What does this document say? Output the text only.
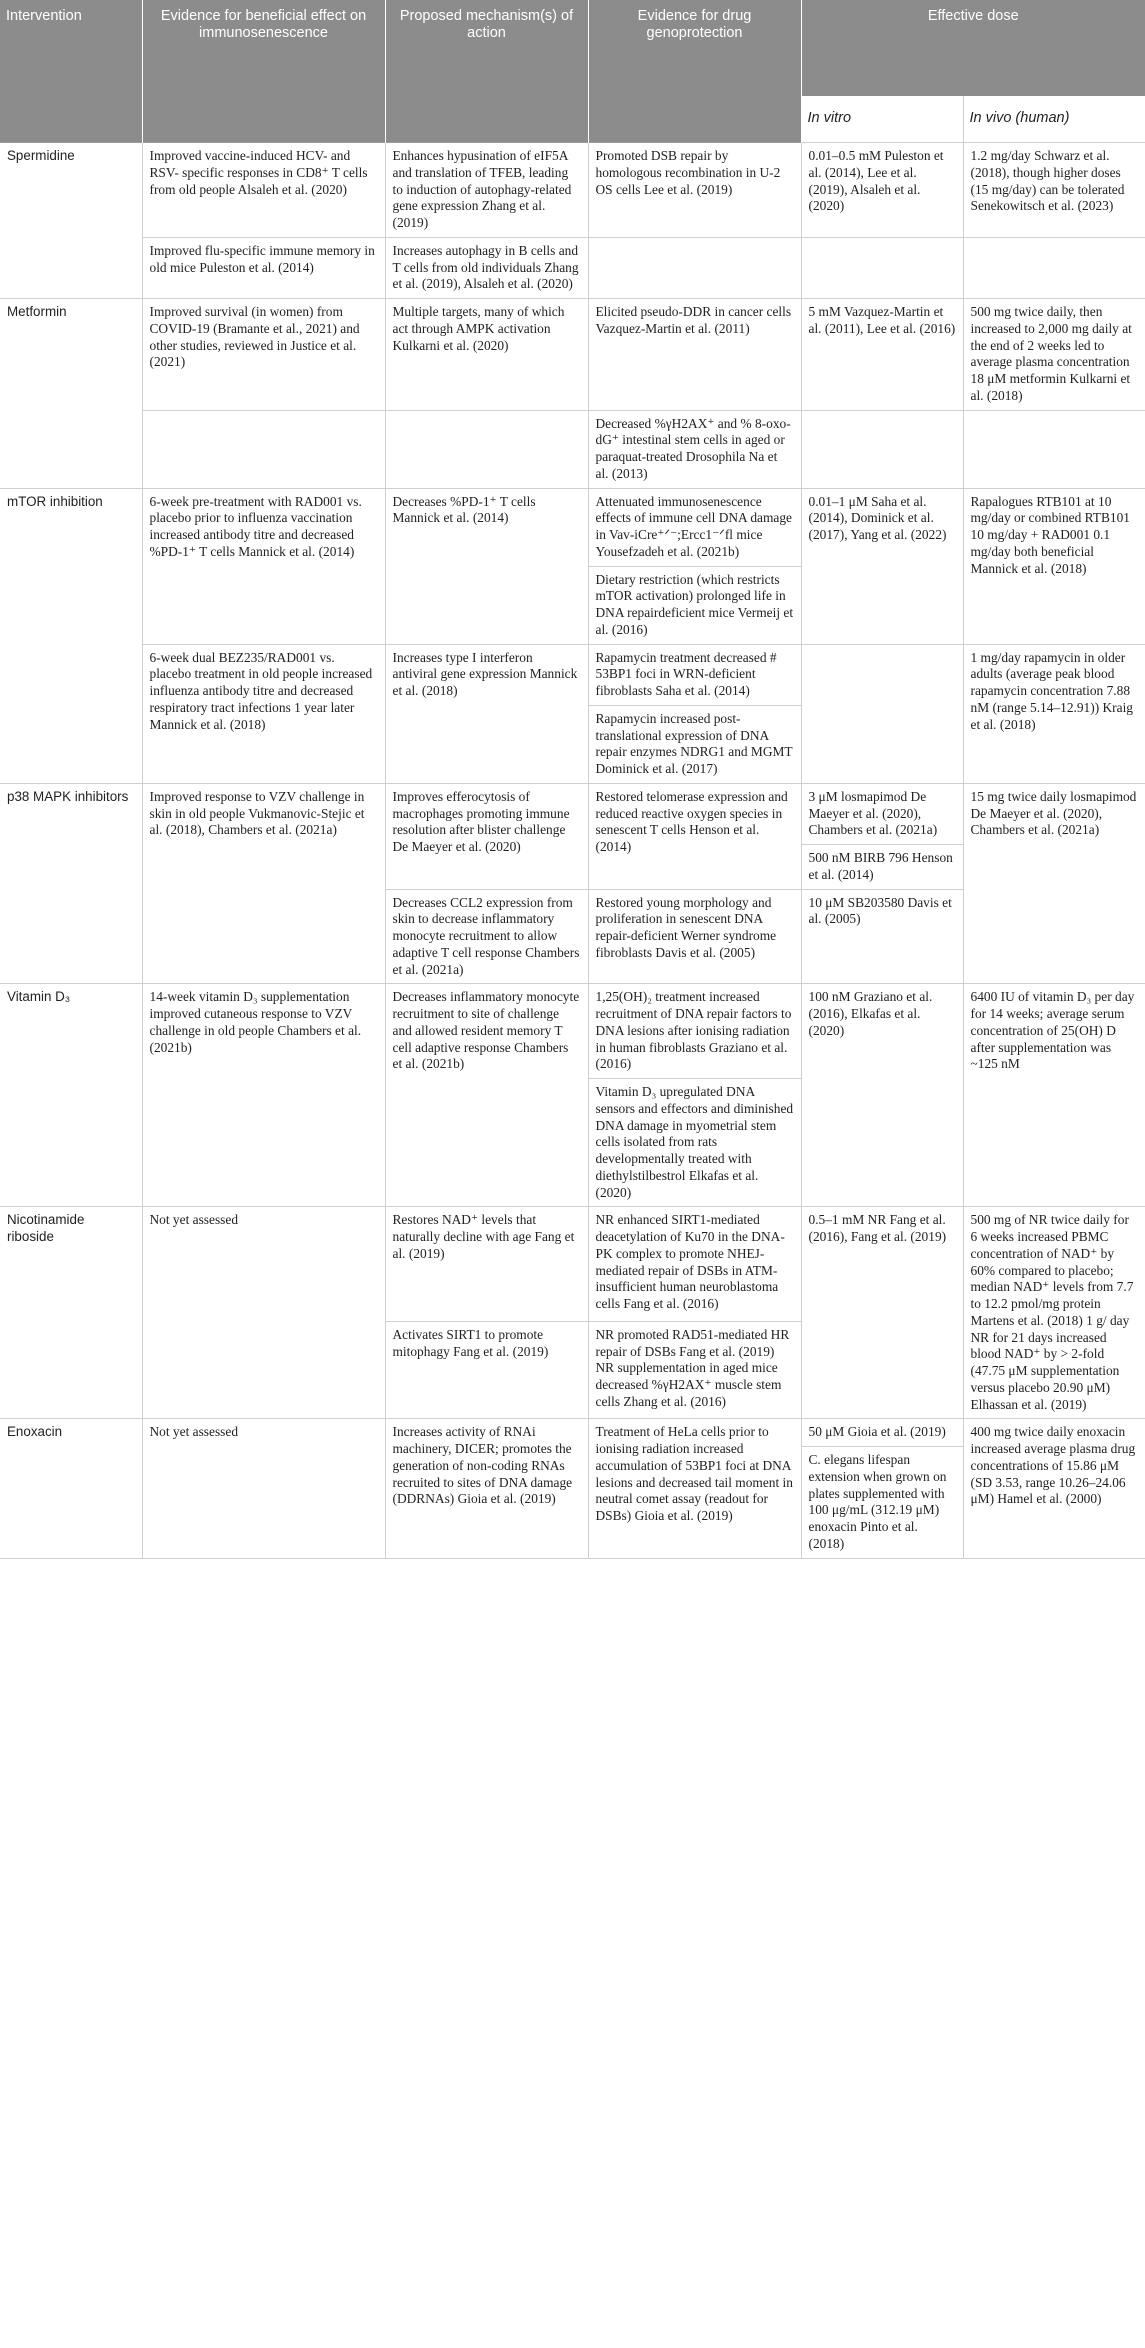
Intervention	Evidence for beneficial effect on immunosenescence	Proposed mechanism(s) of action	Evidence for drug genoprotection	Effective dose	
				In vitro	In vivo (human)
Spermidine	Improved vaccine-induced HCV- and RSV- specific responses in CD8⁺ T cells from old people Alsaleh et al. (2020)	Enhances hypusination of eIF5A and translation of TFEB, leading to induction of autophagy-related gene expression Zhang et al. (2019)	Promoted DSB repair by homologous recombination in U-2 OS cells Lee et al. (2019)	0.01–0.5 mM Puleston et al. (2014), Lee et al. (2019), Alsaleh et al. (2020)	1.2 mg/day Schwarz et al. (2018), though higher doses (15 mg/day) can be tolerated Senekowitsch et al. (2023)
	Improved flu-specific immune memory in old mice Puleston et al. (2014)	Increases autophagy in B cells and T cells from old individuals Zhang et al. (2019), Alsaleh et al. (2020)			
Metformin	Improved survival (in women) from COVID-19 (Bramante et al., 2021) and other studies, reviewed in Justice et al. (2021)	Multiple targets, many of which act through AMPK activation Kulkarni et al. (2020)	Elicited pseudo-DDR in cancer cells Vazquez-Martin et al. (2011)	5 mM Vazquez-Martin et al. (2011), Lee et al. (2016)	500 mg twice daily, then increased to 2,000 mg daily at the end of 2 weeks led to average plasma concentration 18 μM metformin Kulkarni et al. (2018)
			Decreased %γH2AX⁺ and % 8-oxo-dG⁺ intestinal stem cells in aged or paraquat-treated Drosophila Na et al. (2013)		
mTOR inhibition	6-week pre-treatment with RAD001 vs. placebo prior to influenza vaccination increased antibody titre and decreased %PD-1⁺ T cells Mannick et al. (2014)	Decreases %PD-1⁺ T cells Mannick et al. (2014)	Attenuated immunosenescence effects of immune cell DNA damage in Vav-iCre⁺ᐟ⁻;Ercc1⁻ᐟfl mice Yousefzadeh et al. (2021b)	0.01–1 μM Saha et al. (2014), Dominick et al. (2017), Yang et al. (2022)	Rapalogues RTB101 at 10 mg/day or combined RTB101 10 mg/day + RAD001 0.1 mg/day both beneficial Mannick et al. (2018)
			Dietary restriction (which restricts mTOR activation) prolonged life in DNA repairdeficient mice Vermeij et al. (2016)		
	6-week dual BEZ235/RAD001 vs. placebo treatment in old people increased influenza antibody titre and decreased respiratory tract infections 1 year later Mannick et al. (2018)	Increases type I interferon antiviral gene expression Mannick et al. (2018)	Rapamycin treatment decreased # 53BP1 foci in WRN-deficient fibroblasts Saha et al. (2014)		1 mg/day rapamycin in older adults (average peak blood rapamycin concentration 7.88 nM (range 5.14–12.91)) Kraig et al. (2018)
			Rapamycin increased post-translational expression of DNA repair enzymes NDRG1 and MGMT Dominick et al. (2017)		
p38 MAPK inhibitors	Improved response to VZV challenge in skin in old people Vukmanovic-Stejic et al. (2018), Chambers et al. (2021a)	Improves efferocytosis of macrophages promoting immune resolution after blister challenge De Maeyer et al. (2020)	Restored telomerase expression and reduced reactive oxygen species in senescent T cells Henson et al. (2014)	3 μM losmapimod De Maeyer et al. (2020), Chambers et al. (2021a)	15 mg twice daily losmapimod De Maeyer et al. (2020), Chambers et al. (2021a)
				500 nM BIRB 796 Henson et al. (2014)	
		Decreases CCL2 expression from skin to decrease inflammatory monocyte recruitment to allow adaptive T cell response Chambers et al. (2021a)	Restored young morphology and proliferation in senescent DNA repair-deficient Werner syndrome fibroblasts Davis et al. (2005)	10 μM SB203580 Davis et al. (2005)	
Vitamin D₃	14-week vitamin D₃ supplementation improved cutaneous response to VZV challenge in old people Chambers et al. (2021b)	Decreases inflammatory monocyte recruitment to site of challenge and allowed resident memory T cell adaptive response Chambers et al. (2021b)	1,25(OH)₂ treatment increased recruitment of DNA repair factors to DNA lesions after ionising radiation in human fibroblasts Graziano et al. (2016)	100 nM Graziano et al. (2016), Elkafas et al. (2020)	6400 IU of vitamin D₃ per day for 14 weeks; average serum concentration of 25(OH) D after supplementation was ~125 nM
			Vitamin D₃ upregulated DNA sensors and effectors and diminished DNA damage in myometrial stem cells isolated from rats developmentally treated with diethylstilbestrol Elkafas et al. (2020)		
Nicotinamide riboside	Not yet assessed	Restores NAD⁺ levels that naturally decline with age Fang et al. (2019)	NR enhanced SIRT1-mediated deacetylation of Ku70 in the DNA-PK complex to promote NHEJ-mediated repair of DSBs in ATM-insufficient human neuroblastoma cells Fang et al. (2016)	0.5–1 mM NR Fang et al. (2016), Fang et al. (2019)	500 mg of NR twice daily for 6 weeks increased PBMC concentration of NAD⁺ by 60% compared to placebo; median NAD⁺ levels from 7.7 to 12.2 pmol/mg protein Martens et al. (2018) 1 g/ day NR for 21 days increased blood NAD⁺ by > 2-fold (47.75 μM supplementation versus placebo 20.90 μM) Elhassan et al. (2019)
		Activates SIRT1 to promote mitophagy Fang et al. (2019)	NR promoted RAD51-mediated HR repair of DSBs Fang et al. (2019) NR supplementation in aged mice decreased %γH2AX⁺ muscle stem cells Zhang et al. (2016)		
Enoxacin	Not yet assessed	Increases activity of RNAi machinery, DICER; promotes the generation of non-coding RNAs recruited to sites of DNA damage (DDRNAs) Gioia et al. (2019)	Treatment of HeLa cells prior to ionising radiation increased accumulation of 53BP1 foci at DNA lesions and decreased tail moment in neutral comet assay (readout for DSBs) Gioia et al. (2019)	50 μM Gioia et al. (2019)	400 mg twice daily enoxacin increased average plasma drug concentrations of 15.86 μM (SD 3.53, range 10.26–24.06 μM) Hamel et al. (2000)
				C. elegans lifespan extension when grown on plates supplemented with 100 μg/mL (312.19 μM) enoxacin Pinto et al. (2018)	
